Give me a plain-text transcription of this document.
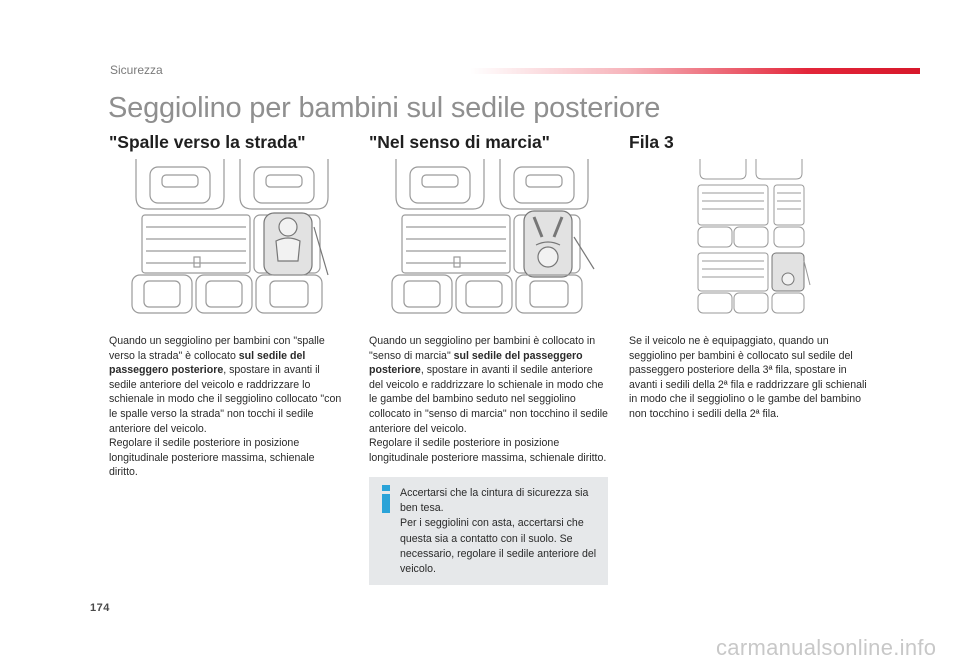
Sicurezza
Seggiolino per bambini sul sedile posteriore
"Spalle verso la strada"
Quando un seggiolino per bambini con "spalle verso la strada" è collocato sul sedile del passeggero posteriore, spostare in avanti il sedile anteriore del veicolo e raddrizzare lo schienale in modo che il seggiolino collocato "con le spalle verso la strada" non tocchi il sedile anteriore del veicolo.

Regolare il sedile posteriore in posizione longitudinale posteriore massima, schienale diritto.

"Nel senso di marcia"
Quando un seggiolino per bambini è collocato in "senso di marcia" sul sedile del passeggero posteriore, spostare in avanti il sedile anteriore del veicolo e raddrizzare lo schienale in modo che le gambe del bambino seduto nel seggiolino collocato in "senso di marcia" non tocchino il sedile anteriore del veicolo.

Regolare il sedile posteriore in posizione longitudinale posteriore massima, schienale diritto.

Accertarsi che la cintura di sicurezza sia ben tesa.

Per i seggiolini con asta, accertarsi che questa sia a contatto con il suolo. Se necessario, regolare il sedile anteriore del veicolo.

Fila 3

Se il veicolo ne è equipaggiato, quando un seggiolino per bambini è collocato sul sedile del passeggero posteriore della 3ª fila, spostare in avanti i sedili della 2ª fila e raddrizzare gli schienali in modo che il seggiolino o le gambe del bambino non tocchino i sedili della 2ª fila.

174
carmanualsonline.info
